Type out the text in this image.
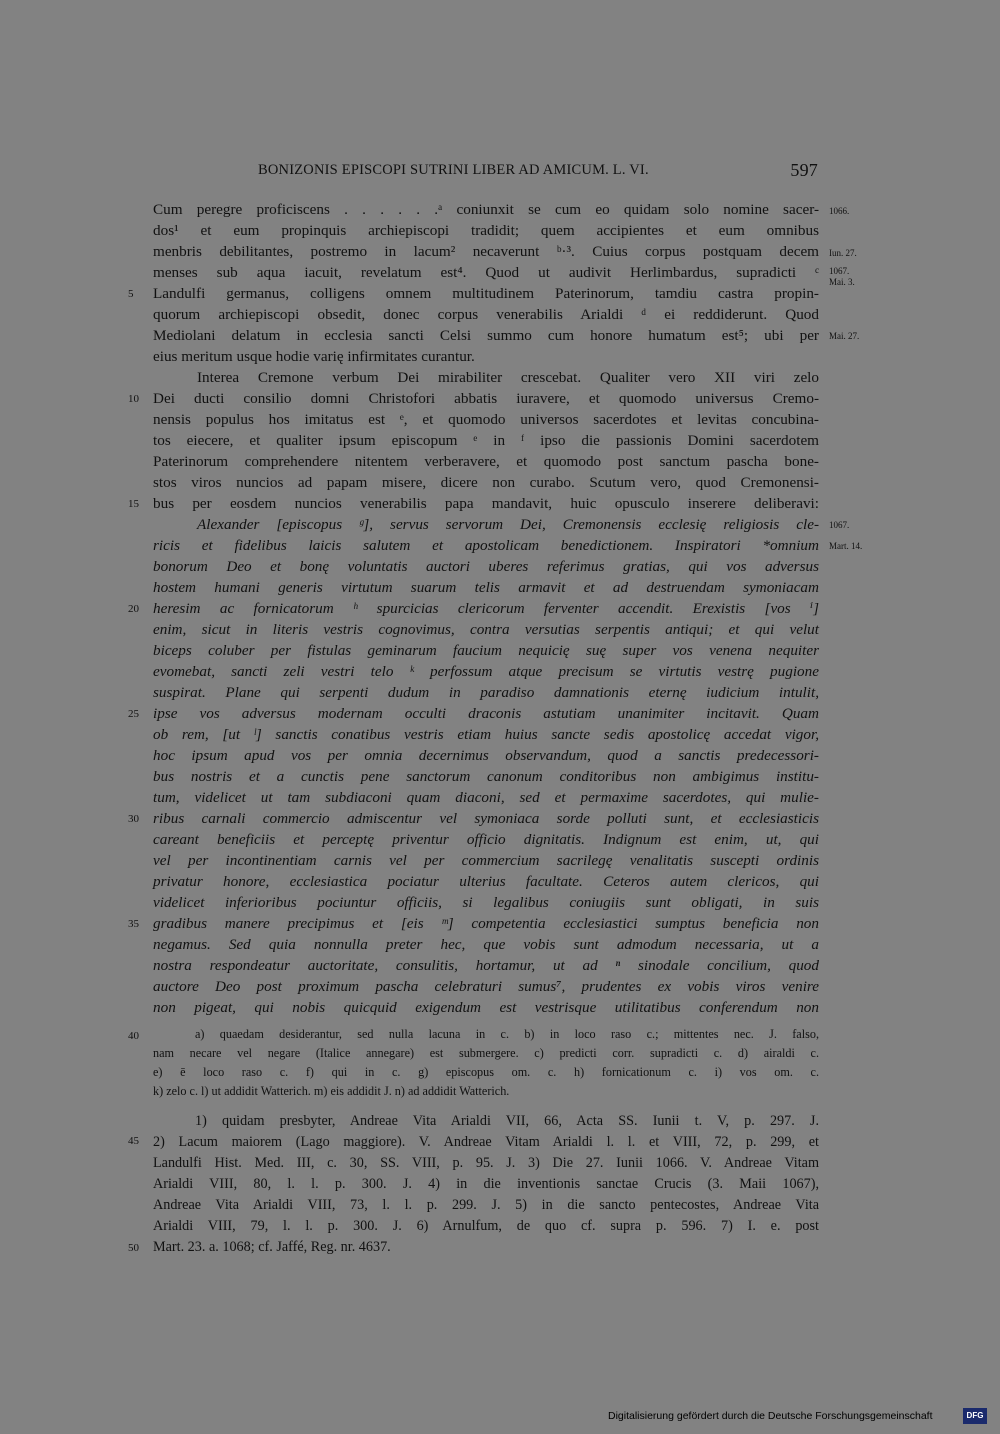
BONIZONIS EPISCOPI SUTRINI LIBER AD AMICUM. L. VI.	597
Cum peregre proficiscens . . . . . .ᵃ coniunxit se cum eo quidam solo nomine sacer-
dos¹ et eum propinquis archiepiscopi tradidit; quem accipientes et eum omnibus
menbris debilitantes, postremo in lacum² necaverunt ᵇ·³. Cuius corpus postquam decem
menses sub aqua iacuit, revelatum est⁴. Quod ut audivit Herlimbardus, supradicti ᶜ
Landulfi germanus, colligens omnem multitudinem Paterinorum, tamdiu castra propin-
quorum archiepiscopi obsedit, donec corpus venerabilis Arialdi ᵈ ei reddiderunt. Quod
Mediolani delatum in ecclesia sancti Celsi summo cum honore humatum est⁵; ubi per
eius meritum usque hodie varię infirmitates curantur.
Interea Cremone verbum Dei mirabiliter crescebat. Qualiter vero XII viri zelo
Dei ducti consilio domni Christofori abbatis iuravere, et quomodo universus Cremo-
nensis populus hos imitatus est ᵉ, et quomodo universos sacerdotes et levitas concubina-
tos eiecere, et qualiter ipsum episcopum ᵉ in ᶠ ipso die passionis Domini sacerdotem
Paterinorum comprehendere nitentem verberavere, et quomodo post sanctum pascha bone-
stos viros nuncios ad papam misere, dicere non curabo. Scutum vero, quod Cremonensi-
bus per eosdem nuncios venerabilis papa mandavit, huic opusculo inserere deliberavi:
Alexander [episcopus ᵍ], servus servorum Dei, Cremonensis ecclesię religiosis cle-
ricis et fidelibus laicis salutem et apostolicam benedictionem. Inspiratori *omnium
bonorum Deo et bonę voluntatis auctori uberes referimus gratias, qui vos adversus
hostem humani generis virtutum suarum telis armavit et ad destruendam symoniacam
heresim ac fornicatorum ʰ spurcicias clericorum ferventer accendit. Erexistis [vos ⁱ]
enim, sicut in literis vestris cognovimus, contra versutias serpentis antiqui; et qui velut
biceps coluber per fistulas geminarum faucium nequicię suę super vos venena nequiter
evomebat, sancti zeli vestri telo ᵏ perfossum atque precisum se virtutis vestrę pugione
suspirat. Plane qui serpenti dudum in paradiso damnationis eternę iudicium intulit,
ipse vos adversus modernam occulti draconis astutiam unanimiter incitavit. Quam
ob rem, [ut ˡ] sanctis conatibus vestris etiam huius sancte sedis apostolicę accedat vigor,
hoc ipsum apud vos per omnia decernimus observandum, quod a sanctis predecessori-
bus nostris et a cunctis pene sanctorum canonum conditoribus non ambigimus institu-
tum, videlicet ut tam subdiaconi quam diaconi, sed et permaxime sacerdotes, qui mulie-
ribus carnali commercio admiscentur vel symoniaca sorde polluti sunt, et ecclesiasticis
careant beneficiis et perceptę priventur officio dignitatis. Indignum est enim, ut, qui
vel per incontinentiam carnis vel per commercium sacrilegę venalitatis suscepti ordinis
privatur honore, ecclesiastica pociatur ulterius facultate. Ceteros autem clericos, qui
videlicet inferioribus pociuntur officiis, si legalibus coniugiis sunt obligati, in suis
gradibus manere precipimus et [eis ᵐ] competentia ecclesiastici sumptus beneficia non
negamus. Sed quia nonnulla preter hec, que vobis sunt admodum necessaria, ut a
nostra respondeatur auctoritate, consulitis, hortamur, ut ad ⁿ sinodale concilium, quod
auctore Deo post proximum pascha celebraturi sumus⁷, prudentes ex vobis viros venire
non pigeat, qui nobis quicquid exigendum est vestrisque utilitatibus conferendum non
5
10
15
20
25
30
35
40
45
50
1066.
Iun. 27.
1067.
Mai. 3.
Mai. 27.
1067.
Mart. 14.
a) quaedam desiderantur, sed nulla lacuna in c. b) in loco raso c.; mittentes nec. J. falso,
nam necare vel negare (Italice annegare) est submergere. c) predicti corr. supradicti c. d) airaldi c.
e) ē loco raso c. f) qui in c. g) episcopus om. c. h) fornicationum c. i) vos om. c.
k) zelo c. l) ut addidit Watterich. m) eis addidit J. n) ad addidit Watterich.
1) quidam presbyter, Andreae Vita Arialdi VII, 66, Acta SS. Iunii t. V, p. 297. J.
2) Lacum maiorem (Lago maggiore). V. Andreae Vitam Arialdi l. l. et VIII, 72, p. 299, et
Landulfi Hist. Med. III, c. 30, SS. VIII, p. 95. J. 3) Die 27. Iunii 1066. V. Andreae Vitam
Arialdi VIII, 80, l. l. p. 300. J. 4) in die inventionis sanctae Crucis (3. Maii 1067),
Andreae Vita Arialdi VIII, 73, l. l. p. 299. J. 5) in die sancto pentecostes, Andreae Vita
Arialdi VIII, 79, l. l. p. 300. J. 6) Arnulfum, de quo cf. supra p. 596. 7) I. e. post
Mart. 23. a. 1068; cf. Jaffé, Reg. nr. 4637.
Digitalisierung gefördert durch die Deutsche Forschungsgemeinschaft	DFG
